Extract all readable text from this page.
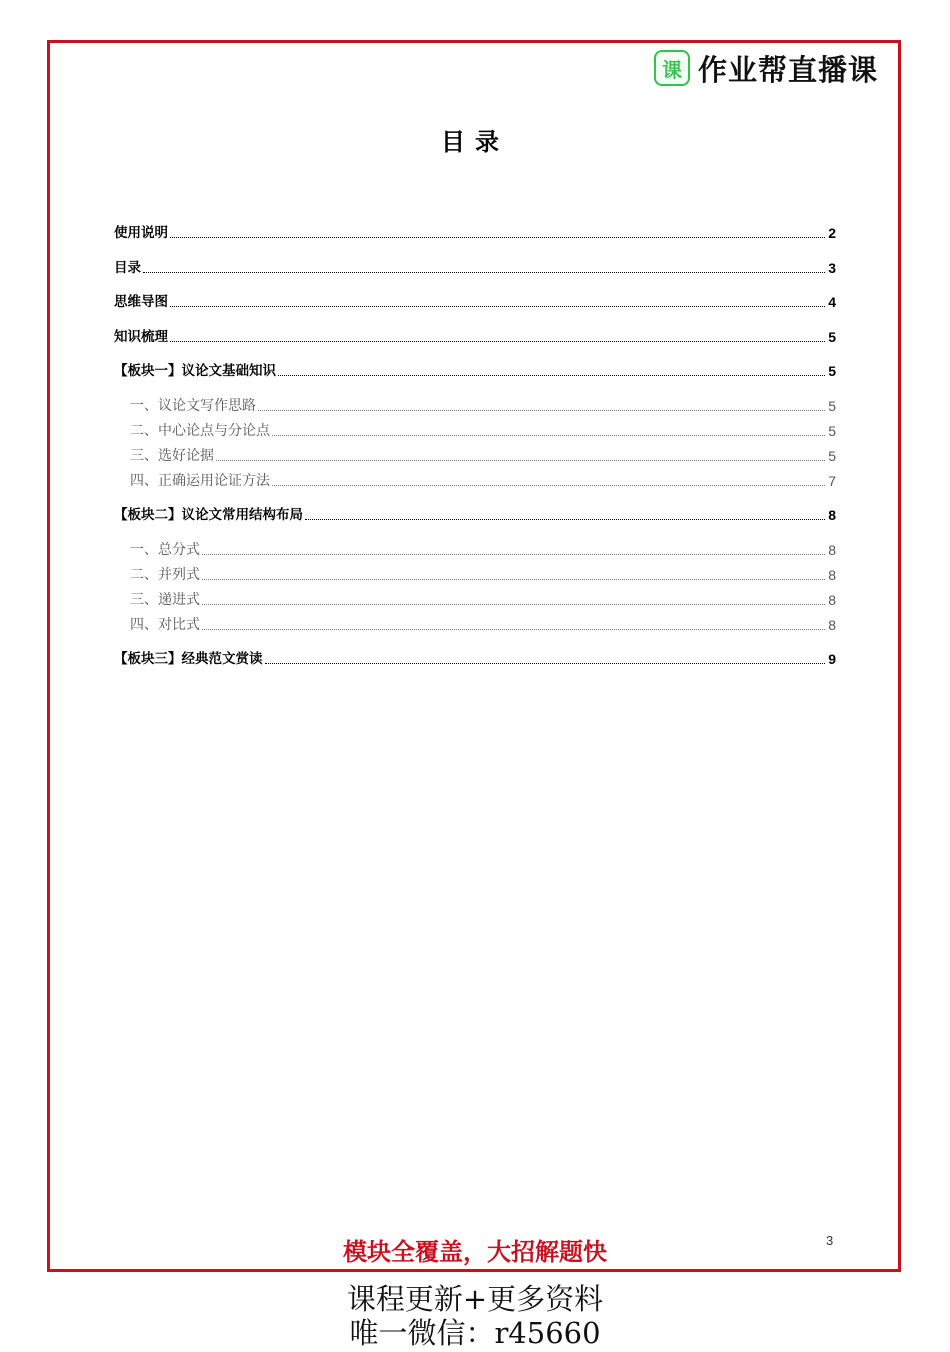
课 作业帮直播课
目录
使用说明	2
目录	3
思维导图	4
知识梳理	5
【板块一】议论文基础知识	5
一、议论文写作思路	5
二、中心论点与分论点	5
三、选好论据	5
四、正确运用论证方法	7
【板块二】议论文常用结构布局	8
一、总分式	8
二、并列式	8
三、递进式	8
四、对比式	8
【板块三】经典范文赏读	9
模块全覆盖，大招解题快	3
课程更新+更多资料
唯一微信：r45660
